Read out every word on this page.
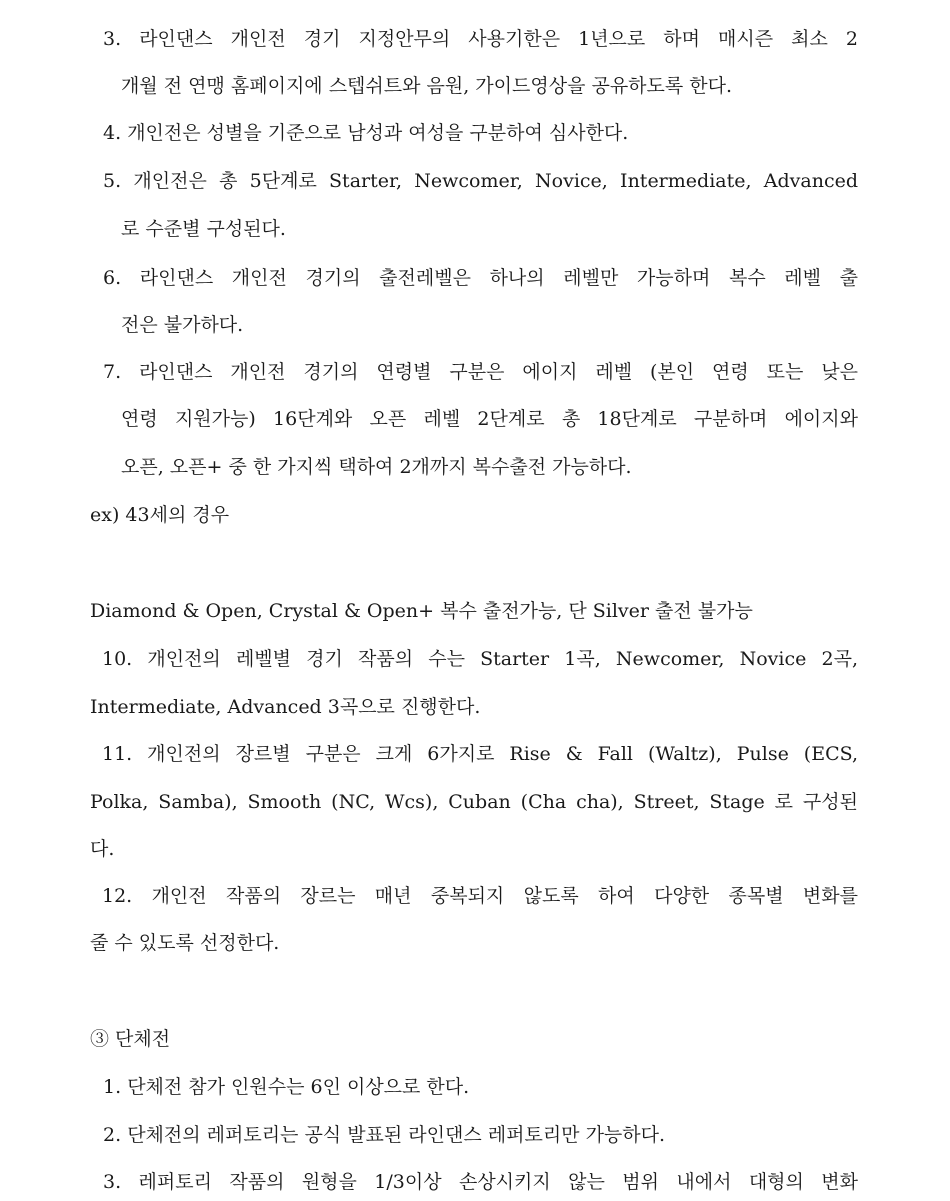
3. 라인댄스 개인전 경기 지정안무의 사용기한은 1년으로 하며 매시즌 최소 2
개월 전 연맹 홈페이지에 스텝쉬트와 음원, 가이드영상을 공유하도록 한다.
4. 개인전은 성별을 기준으로 남성과 여성을 구분하여 심사한다.
5. 개인전은 총 5단계로 Starter, Newcomer, Novice, Intermediate, Advanced
로 수준별 구성된다.
6. 라인댄스 개인전 경기의 출전레벨은 하나의 레벨만 가능하며 복수 레벨 출
전은 불가하다.
7. 라인댄스 개인전 경기의 연령별 구분은 에이지 레벨 (본인 연령 또는 낮은
연령 지원가능) 16단계와 오픈 레벨 2단계로 총 18단계로 구분하며 에이지와
오픈, 오픈+ 중 한 가지씩 택하여 2개까지 복수출전 가능하다.
ex) 43세의 경우
Diamond & Open, Crystal & Open+ 복수 출전가능, 단 Silver 출전 불가능
10. 개인전의 레벨별 경기 작품의 수는 Starter 1곡, Newcomer, Novice 2곡,
Intermediate, Advanced 3곡으로 진행한다.
11. 개인전의 장르별 구분은 크게 6가지로 Rise & Fall (Waltz), Pulse (ECS,
Polka, Samba), Smooth (NC, Wcs), Cuban (Cha cha), Street, Stage 로 구성된
다.
12. 개인전 작품의 장르는 매년 중복되지 않도록 하여 다양한 종목별 변화를
줄 수 있도록 선정한다.
③ 단체전
1. 단체전 참가 인원수는 6인 이상으로 한다.
2. 단체전의 레퍼토리는 공식 발표된 라인댄스 레퍼토리만 가능하다.
3. 레퍼토리 작품의 원형을 1/3이상 손상시키지 않는 범위 내에서 대형의 변화
